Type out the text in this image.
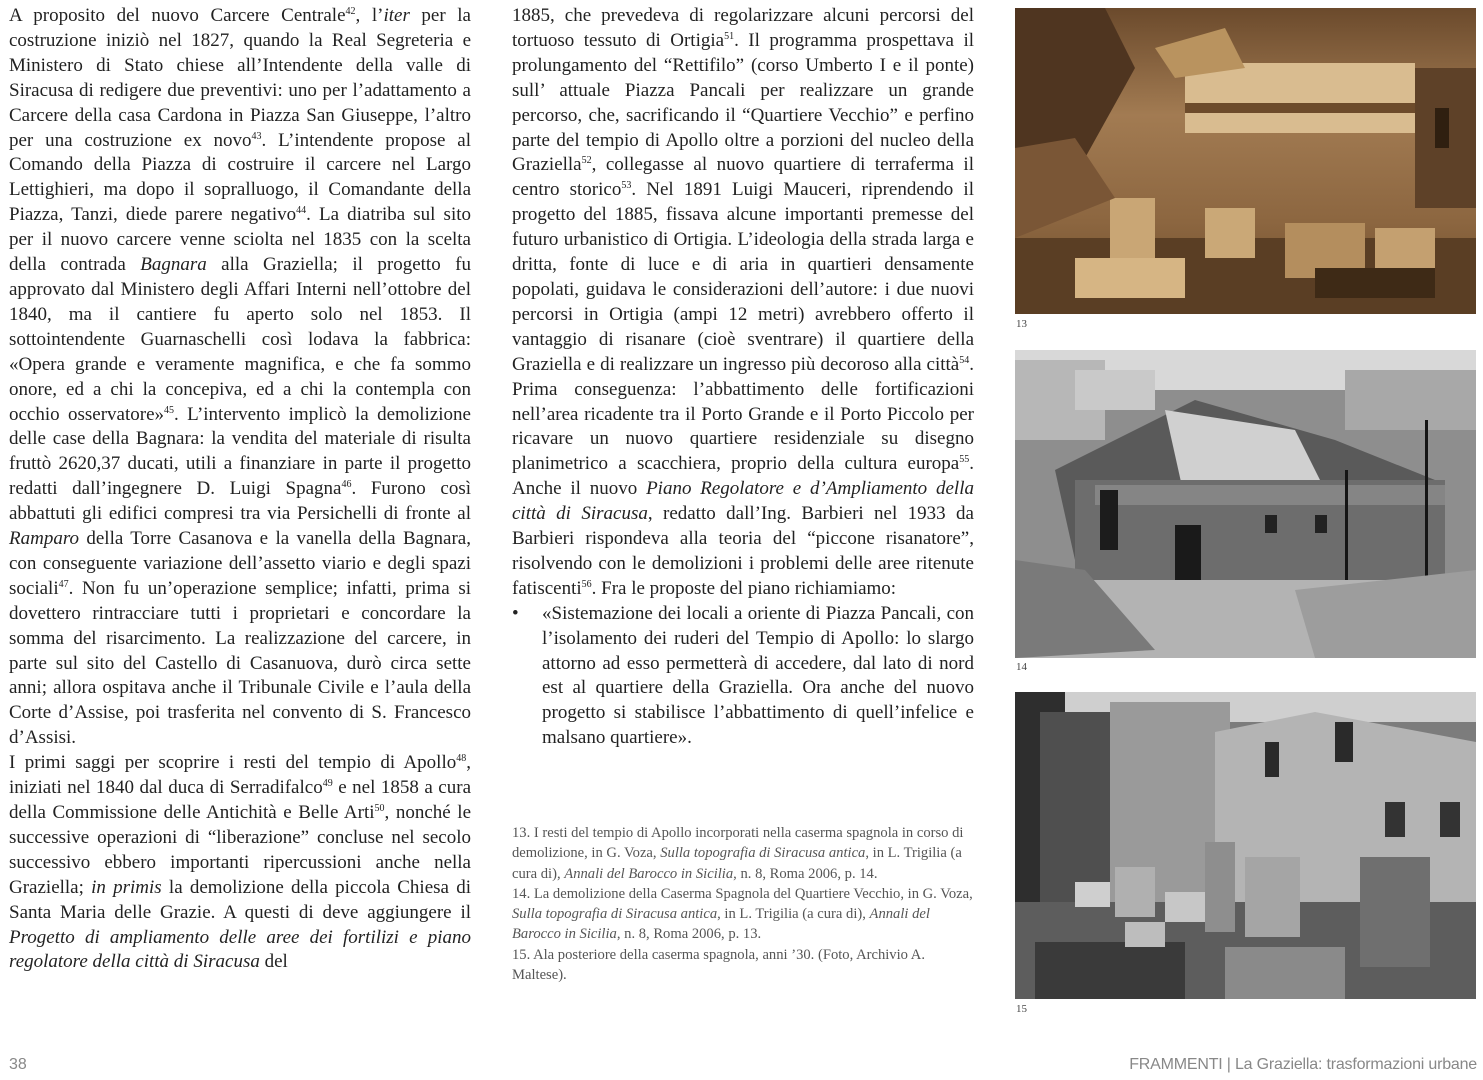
A proposito del nuovo Carcere Centrale$^{42}$, l’iter per la costruzione iniziò nel 1827, quando la Real Segreteria e Ministero di Stato chiese all’Intendente della valle di Siracusa di redigere due preventivi: uno per l’adattamento a Carcere della casa Cardona in Piazza San Giuseppe, l’altro per una costruzione ex novo$^{43}$. L’intendente propose al Comando della Piazza di costruire il carcere nel Largo Lettighieri, ma dopo il sopralluogo, il Comandante della Piazza, Tanzi, diede parere negativo$^{44}$. La diatriba sul sito per il nuovo carcere venne sciolta nel 1835 con la scelta della contrada Bagnara alla Graziella; il progetto fu approvato dal Ministero degli Affari Interni nell’ottobre del 1840, ma il cantiere fu aperto solo nel 1853. Il sottointendente Guarnaschelli così lodava la fabbrica: «Opera grande e veramente magnifica, e che fa sommo onore, ed a chi la concepiva, ed a chi la contempla con occhio osservatore»$^{45}$. L’intervento implicò la demolizione delle case della Bagnara: la vendita del materiale di risulta fruttò 2620,37 ducati, utili a finanziare in parte il progetto redatti dall’ingegnere D. Luigi Spagna$^{46}$. Furono così abbattuti gli edifici compresi tra via Persichelli di fronte al Ramparo della Torre Casanova e la vanella della Bagnara, con conseguente variazione dell’assetto viario e degli spazi sociali$^{47}$. Non fu un’operazione semplice; infatti, prima si dovettero rintracciare tutti i proprietari e concordare la somma del risarcimento. La realizzazione del carcere, in parte sul sito del Castello di Casanuova, durò circa sette anni; allora ospitava anche il Tribunale Civile e l’aula della Corte d’Assise, poi trasferita nel convento di S. Francesco d’Assisi.

I primi saggi per scoprire i resti del tempio di Apollo$^{48}$, iniziati nel 1840 dal duca di Serradifalco$^{49}$ e nel 1858 a cura della Commissione delle Antichità e Belle Arti$^{50}$, nonché le successive operazioni di “liberazione” concluse nel secolo successivo ebbero importanti ripercussioni anche nella Graziella; in primis la demolizione della piccola Chiesa di Santa Maria delle Grazie. A questi di deve aggiungere il Progetto di ampliamento delle aree dei fortilizi e piano regolatore della città di Siracusa del

1885, che prevedeva di regolarizzare alcuni percorsi del tortuoso tessuto di Ortigia$^{51}$. Il programma prospettava il prolungamento del “Rettifilo” (corso Umberto I e il ponte) sull’ attuale Piazza Pancali per realizzare un grande percorso, che, sacrificando il “Quartiere Vecchio” e perfino parte del tempio di Apollo oltre a porzioni del nucleo della Graziella$^{52}$, collegasse al nuovo quartiere di terraferma il centro storico$^{53}$. Nel 1891 Luigi Mauceri, riprendendo il progetto del 1885, fissava alcune importanti premesse del futuro urbanistico di Ortigia. L’ideologia della strada larga e dritta, fonte di luce e di aria in quartieri densamente popolati, guidava le considerazioni dell’autore: i due nuovi percorsi in Ortigia (ampi 12 metri) avrebbero offerto il vantaggio di risanare (cioè sventrare) il quartiere della Graziella e di realizzare un ingresso più decoroso alla città$^{54}$. Prima conseguenza: l’abbattimento delle fortificazioni nell’area ricadente tra il Porto Grande e il Porto Piccolo per ricavare un nuovo quartiere residenziale su disegno planimetrico a scacchiera, proprio della cultura europa$^{55}$. Anche il nuovo Piano Regolatore e d’Ampliamento della città di Siracusa, redatto dall’Ing. Barbieri nel 1933 da Barbieri rispondeva alla teoria del “piccone risanatore”, risolvendo con le demolizioni i problemi delle aree ritenute fatiscenti$^{56}$. Fra le proposte del piano richiamiamo:

• «Sistemazione dei locali a oriente di Piazza Pancali, con l’isolamento dei ruderi del Tempio di Apollo: lo slargo attorno ad esso permetterà di accedere, dal lato di nord est al quartiere della Graziella. Ora anche del nuovo progetto si stabilisce l’abbattimento di quell’infelice e malsano quartiere».

13. I resti del tempio di Apollo incorporati nella caserma spagnola in corso di demolizione, in G. Voza, Sulla topografia di Siracusa antica, in L. Trigilia (a cura di), Annali del Barocco in Sicilia, n. 8, Roma 2006, p. 14.

14. La demolizione della Caserma Spagnola del Quartiere Vecchio, in G. Voza, Sulla topografia di Siracusa antica, in L. Trigilia (a cura di), Annali del Barocco in Sicilia, n. 8, Roma 2006, p. 13.

15. Ala posteriore della caserma spagnola, anni ’30. (Foto, Archivio A. Maltese).

13
14
15
38	FRAMMENTI | La Graziella: trasformazioni urbane
